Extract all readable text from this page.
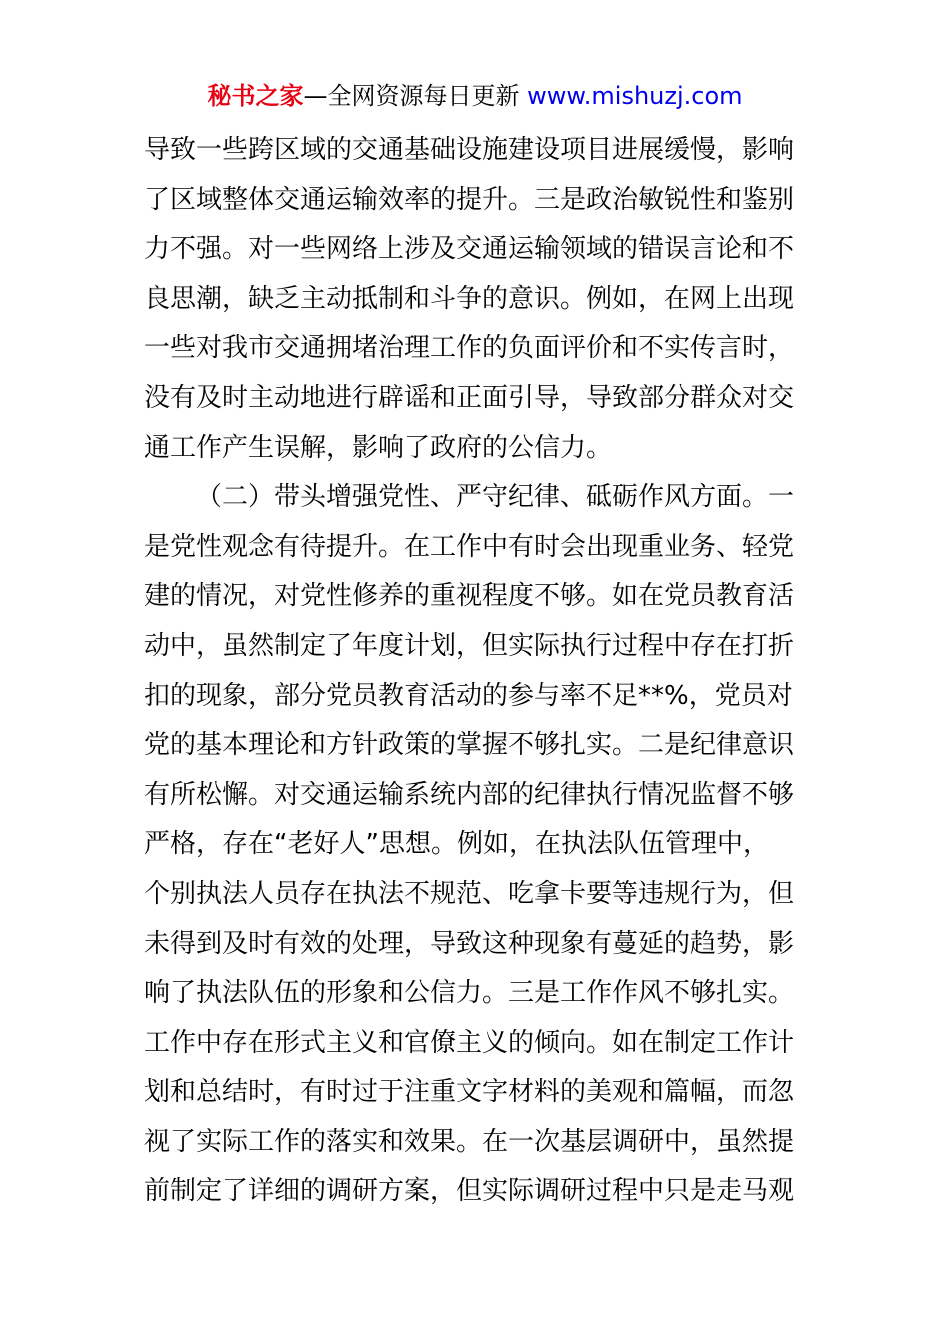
秘书之家—全网资源每日更新 www.mishuzj.com
导致一些跨区域的交通基础设施建设项目进展缓慢，影响
了区域整体交通运输效率的提升。三是政治敏锐性和鉴别
力不强。对一些网络上涉及交通运输领域的错误言论和不
良思潮，缺乏主动抵制和斗争的意识。例如，在网上出现
一些对我市交通拥堵治理工作的负面评价和不实传言时，
没有及时主动地进行辟谣和正面引导，导致部分群众对交
通工作产生误解，影响了政府的公信力。
（二）带头增强党性、严守纪律、砥砺作风方面。一
是党性观念有待提升。在工作中有时会出现重业务、轻党
建的情况，对党性修养的重视程度不够。如在党员教育活
动中，虽然制定了年度计划，但实际执行过程中存在打折
扣的现象，部分党员教育活动的参与率不足**%，党员对
党的基本理论和方针政策的掌握不够扎实。二是纪律意识
有所松懈。对交通运输系统内部的纪律执行情况监督不够
严格，存在“老好人”思想。例如，在执法队伍管理中，
个别执法人员存在执法不规范、吃拿卡要等违规行为，但
未得到及时有效的处理，导致这种现象有蔓延的趋势，影
响了执法队伍的形象和公信力。三是工作作风不够扎实。
工作中存在形式主义和官僚主义的倾向。如在制定工作计
划和总结时，有时过于注重文字材料的美观和篇幅，而忽
视了实际工作的落实和效果。在一次基层调研中，虽然提
前制定了详细的调研方案，但实际调研过程中只是走马观
